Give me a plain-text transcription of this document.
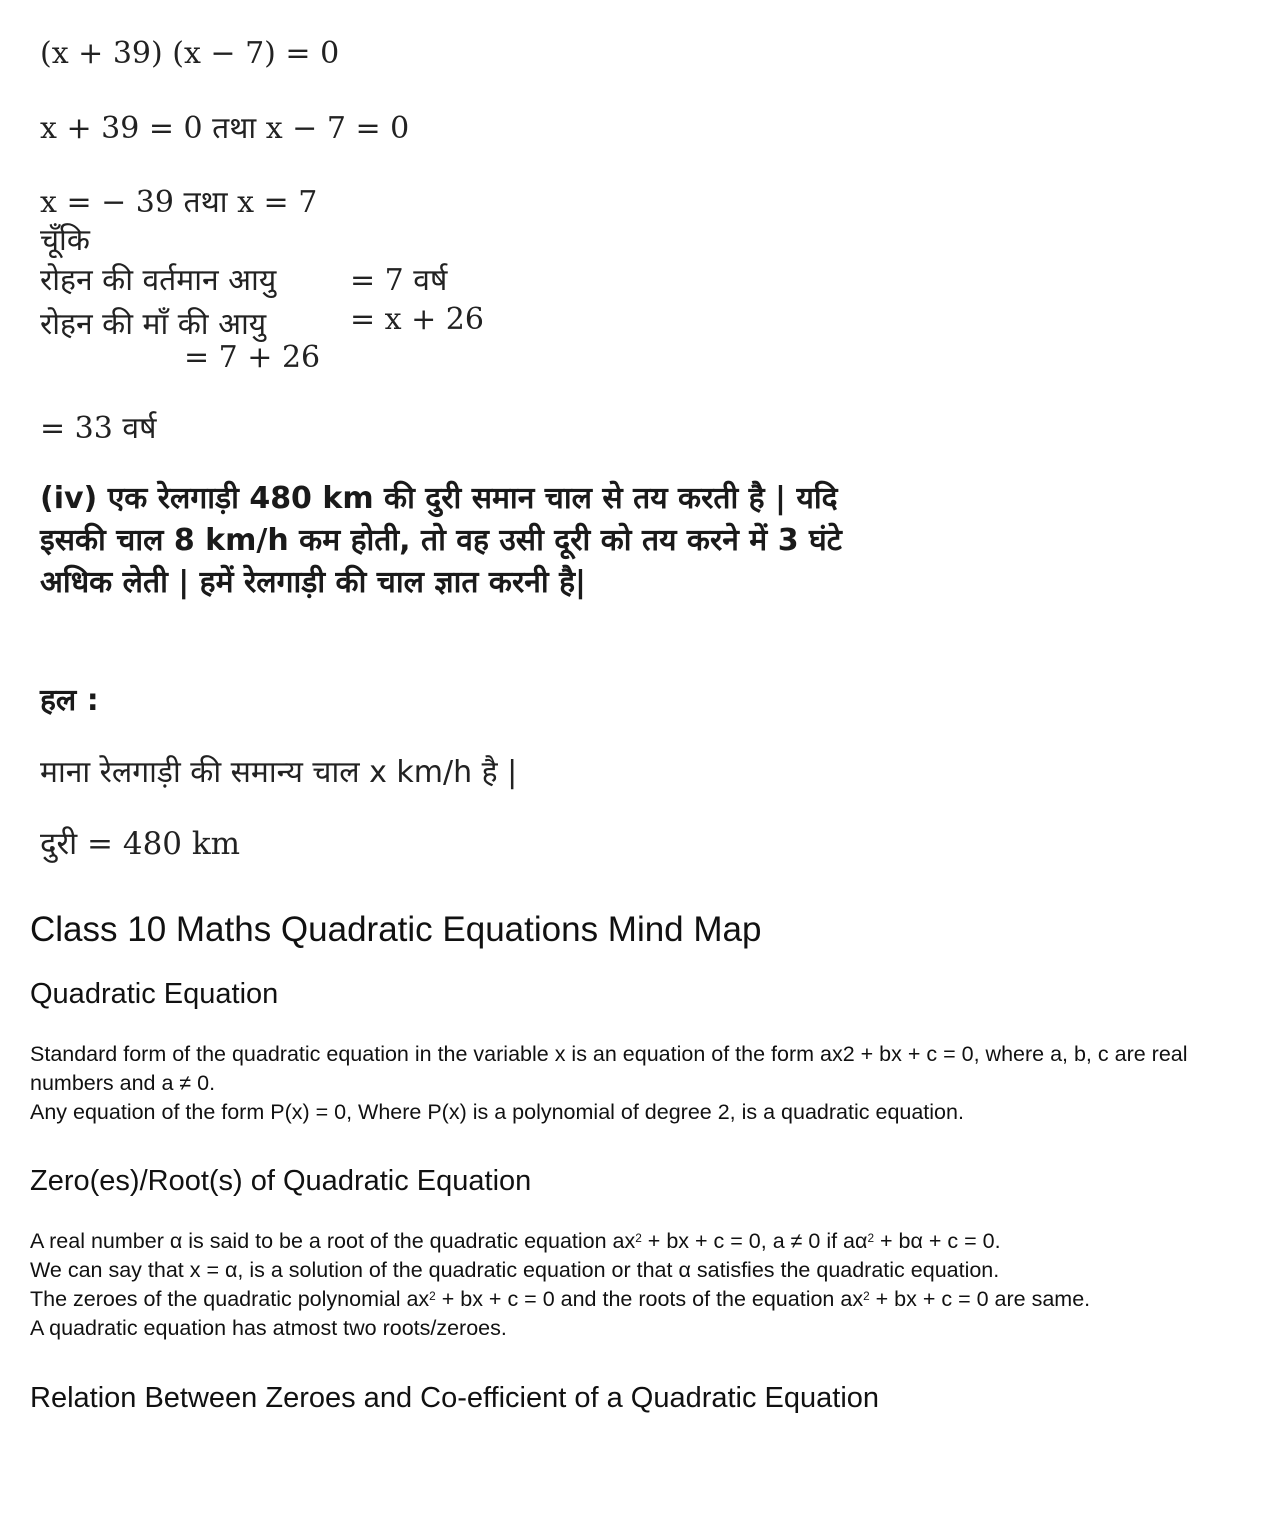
(x + 39) (x − 7) = 0
x + 39 = 0 तथा x − 7 = 0
x = − 39 तथा x = 7
चूँकि
रोहन की वर्तमान आयु = 7 वर्ष
रोहन की माँ की आयु	= x + 26
= 7 + 26
= 33 वर्ष
(iv) एक रेलगाड़ी 480 km की दुरी समान चाल से तय करती है | यदि इसकी चाल 8 km/h कम होती, तो वह उसी दूरी को तय करने में 3 घंटे अधिक लेती | हमें रेलगाड़ी की चाल ज्ञात करनी है|
हल :
माना रेलगाड़ी की समान्य चाल x km/h है |
दुरी = 480 km
Class 10 Maths Quadratic Equations Mind Map
Quadratic Equation
Standard form of the quadratic equation in the variable x is an equation of the form ax2 + bx + c = 0, where a, b, c are real numbers and a ≠ 0.
Any equation of the form P(x) = 0, Where P(x) is a polynomial of degree 2, is a quadratic equation.
Zero(es)/Root(s) of Quadratic Equation
A real number α is said to be a root of the quadratic equation $ax^2$ + bx + c = 0, a ≠ 0 if $a\alpha^2 + b\alpha + c = 0$.
We can say that x = α, is a solution of the quadratic equation or that α satisfies the quadratic equation.
The zeroes of the quadratic polynomial $ax^2$ + bx + c = 0 and the roots of the equation $ax^2$ + bx + c = 0 are same.
A quadratic equation has atmost two roots/zeroes.
Relation Between Zeroes and Co-efficient of a Quadratic Equation
